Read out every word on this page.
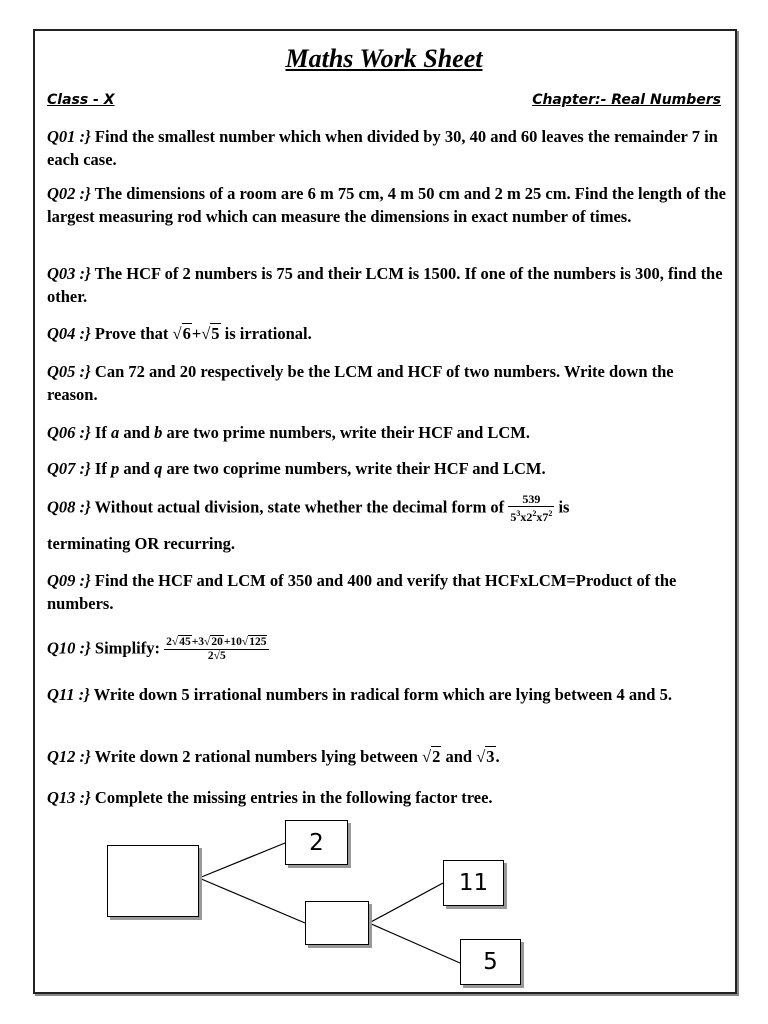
Maths Work Sheet
Class - X	Chapter:- Real Numbers
Q01 :} Find the smallest number which when divided by 30, 40 and 60 leaves the remainder 7 in each case.
Q02 :} The dimensions of a room are 6 m 75 cm, 4 m 50 cm and 2 m 25 cm. Find the length of the largest measuring rod which can measure the dimensions in exact number of times.
Q03 :} The HCF of 2 numbers is 75 and their LCM is 1500. If one of the numbers is 300, find the other.
Q04 :} Prove that √6+√5 is irrational.
Q05 :} Can 72 and 20 respectively be the LCM and HCF of two numbers. Write down the reason.
Q06 :} If a and b are two prime numbers, write their HCF and LCM.
Q07 :} If p and q are two coprime numbers, write their HCF and LCM.
Q08 :} Without actual division, state whether the decimal form of $\frac{539}{5^3x2^2x7^2}$ is
terminating OR recurring.
Q09 :} Find the HCF and LCM of 350 and 400 and verify that HCFxLCM=Product of the numbers.
Q10 :} Simplify: $\frac{2√45+3√20+10√125}{2√5}$
Q11 :} Write down 5 irrational numbers in radical form which are lying between 4 and 5.
Q12 :} Write down 2 rational numbers lying between √2 and √3.
Q13 :} Complete the missing entries in the following factor tree.
2
11
5
